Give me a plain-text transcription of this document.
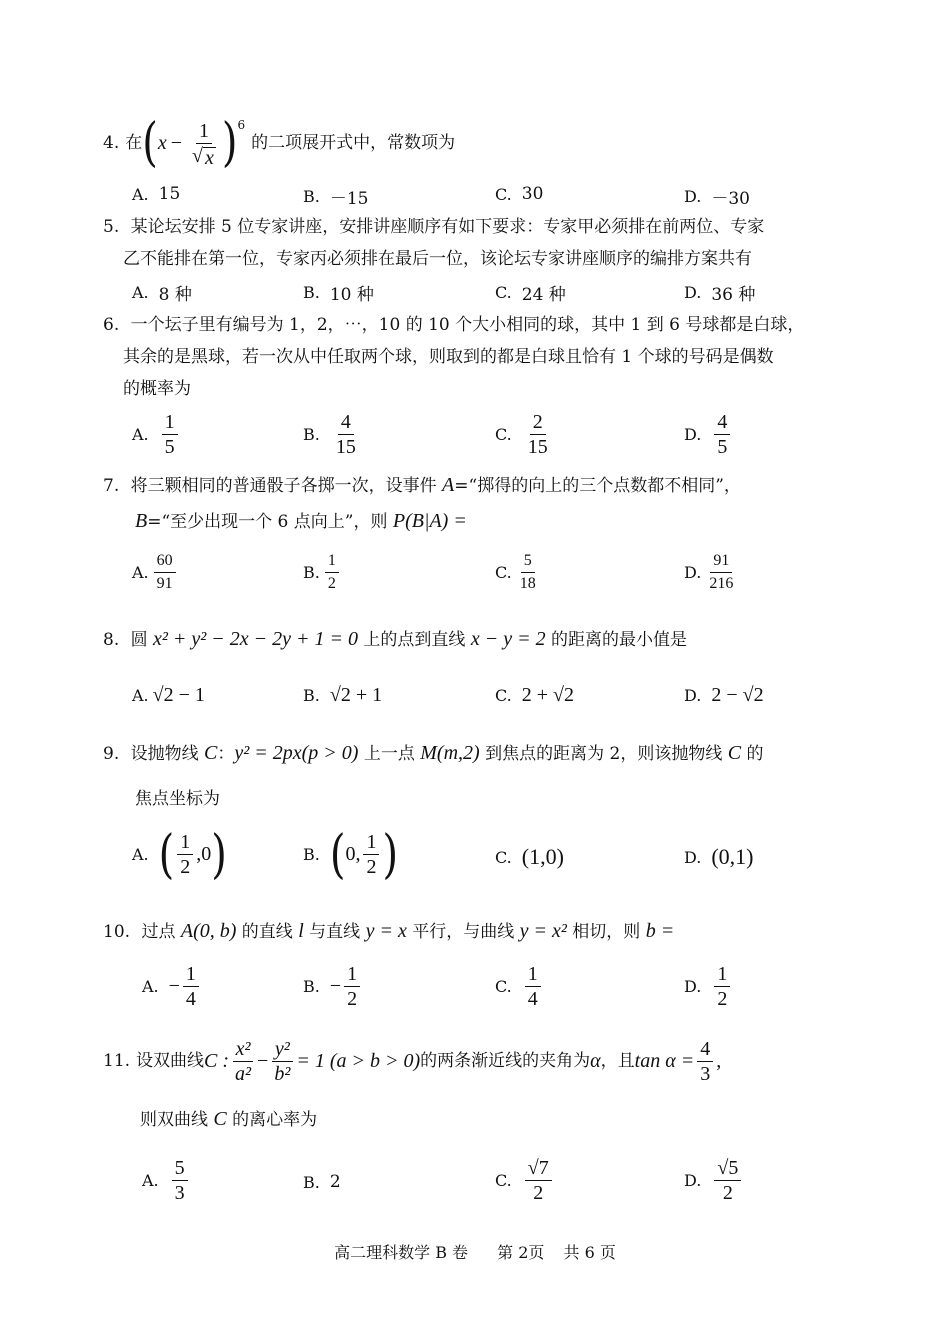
4. 在 ( $x - \frac{1}{√ x} )^6$
的二项展开式中，常数项为
A. 15	B. －15	C. 30	D. －30
5. 某论坛安排 5 位专家讲座，安排讲座顺序有如下要求：专家甲必须排在前两位、专家
乙不能排在第一位，专家丙必须排在最后一位，该论坛专家讲座顺序的编排方案共有
A. 8 种	B. 10 种	C. 24 种	D. 36 种
6. 一个坛子里有编号为 1，2，⋯，10 的 10 个大小相同的球，其中 1 到 6 号球都是白球，
其余的是黑球，若一次从中任取两个球，则取到的都是白球且恰有 1 个球的号码是偶数
的概率为
A. $\frac{1}{5}$	B. $\frac{4}{15}$	C. $\frac{2}{15}$	D. $\frac{4}{5}$
7. 将三颗相同的普通骰子各掷一次，设事件 A=“掷得的向上的三个点数都不相同”，
B=“至少出现一个 6 点向上”，则 P(B|A) =
A. $\frac{60}{91}$	B. $\frac{1}{2}$	C. $\frac{5}{18}$	D. $\frac{91}{216}$
8. 圆 x² + y² − 2x − 2y + 1 = 0 上的点到直线 x − y = 2 的距离的最小值是
A. √2 − 1	B. √2 + 1	C. 2 + √2	D. 2 − √2
9. 设抛物线 C：y² = 2px(p > 0) 上一点 M(m,2) 到焦点的距离为 2，则该抛物线 C 的
焦点坐标为
A. ( $\frac{1}{2} ,0$ )	B. ( 0, $\frac{1}{2}$ )	C. (1,0)	D. (0,1)
10. 过点 A(0, b) 的直线 l 与直线 y = x 平行，与曲线 y = x² 相切，则 b =
A. − $\frac{1}{4}$	B. − $\frac{1}{2}$	C. $\frac{1}{4}$	D. $\frac{1}{2}$
11. 设双曲线 C : $\frac{\text{x²}}{\text{a²}} - \frac{\text{y²}}{\text{b²}} = 1$ (a > b > 0) 的两条渐近线的夹角为 α ，且 $\tan \alpha = \frac{4}{3}$ ,
则双曲线 C 的离心率为
A. $\frac{5}{3}$	B. 2	C. $\frac{√7}{2}$	D. $\frac{√5}{2}$
高二理科数学 B 卷 第 2页 共 6 页
